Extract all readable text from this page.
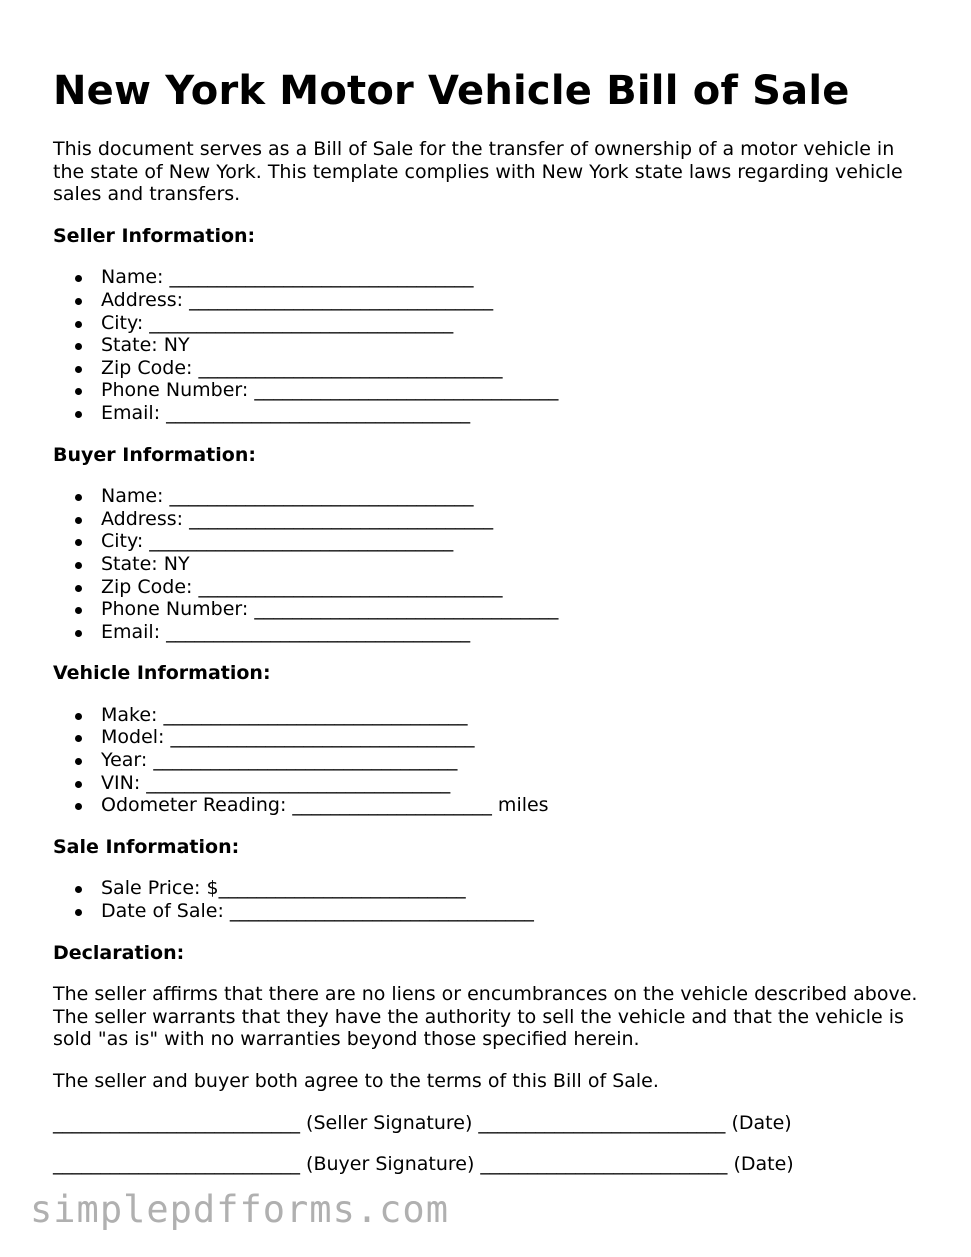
New York Motor Vehicle Bill of Sale

This document serves as a Bill of Sale for the transfer of ownership of a motor vehicle in the state of New York. This template complies with New York state laws regarding vehicle sales and transfers.

Seller Information:
Name: ________________________________
Address: ________________________________
City: ________________________________
State: NY
Zip Code: ________________________________
Phone Number: ________________________________
Email: ________________________________
Buyer Information:
Name: ________________________________
Address: ________________________________
City: ________________________________
State: NY
Zip Code: ________________________________
Phone Number: ________________________________
Email: ________________________________
Vehicle Information:
Make: ________________________________
Model: ________________________________
Year: ________________________________
VIN: ________________________________
Odometer Reading: _____________________ miles
Sale Information:
Sale Price: $__________________________
Date of Sale: ________________________________
Declaration:

The seller affirms that there are no liens or encumbrances on the vehicle described above. The seller warrants that they have the authority to sell the vehicle and that the vehicle is sold "as is" with no warranties beyond those specified herein.

The seller and buyer both agree to the terms of this Bill of Sale.

__________________________ (Seller Signature) __________________________ (Date)
__________________________ (Buyer Signature) __________________________ (Date)
simplepdfforms.com
